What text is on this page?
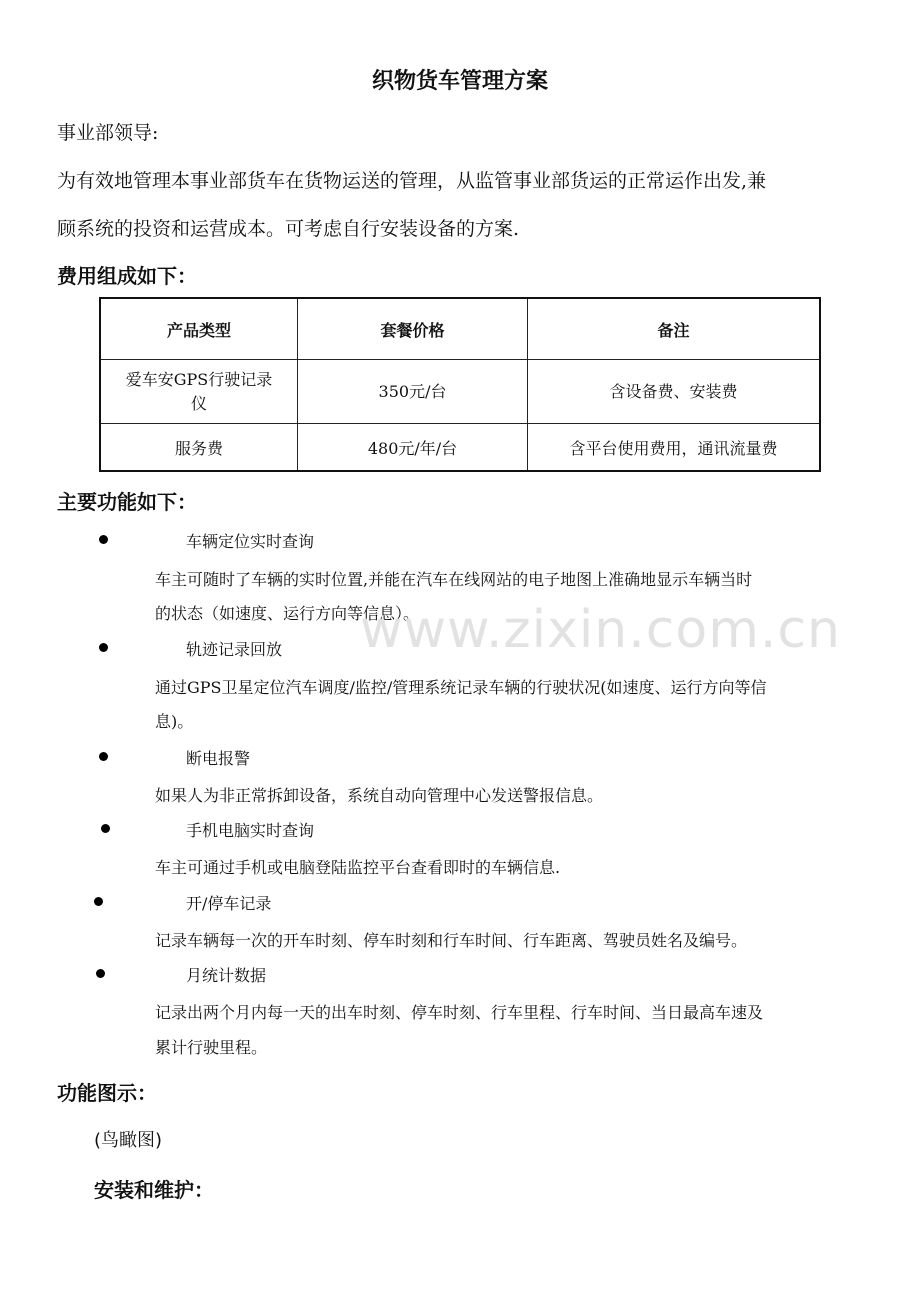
织物货车管理方案
事业部领导:
为有效地管理本事业部货车在货物运送的管理，从监管事业部货运的正常运作出发,兼
顾系统的投资和运营成本。可考虑自行安装设备的方案.
费用组成如下：
产品类型	套餐价格	备注

爱车安GPS行驶记录
仪	350元/台	含设备费、安装费
服务费	480元/年/台	含平台使用费用，通讯流量费
主要功能如下：
车辆定位实时查询
车主可随时了车辆的实时位置,并能在汽车在线网站的电子地图上准确地显示车辆当时
的状态（如速度、运行方向等信息）。
轨迹记录回放
通过GPS卫星定位汽车调度/监控/管理系统记录车辆的行驶状况(如速度、运行方向等信
息)。
断电报警
如果人为非正常拆卸设备，系统自动向管理中心发送警报信息。
手机电脑实时查询
车主可通过手机或电脑登陆监控平台查看即时的车辆信息.
开/停车记录
记录车辆每一次的开车时刻、停车时刻和行车时间、行车距离、驾驶员姓名及编号。
月统计数据
记录出两个月内每一天的出车时刻、停车时刻、行车里程、行车时间、当日最高车速及
累计行驶里程。
功能图示：
(鸟瞰图)
安装和维护：
www.zixin.com.cn
